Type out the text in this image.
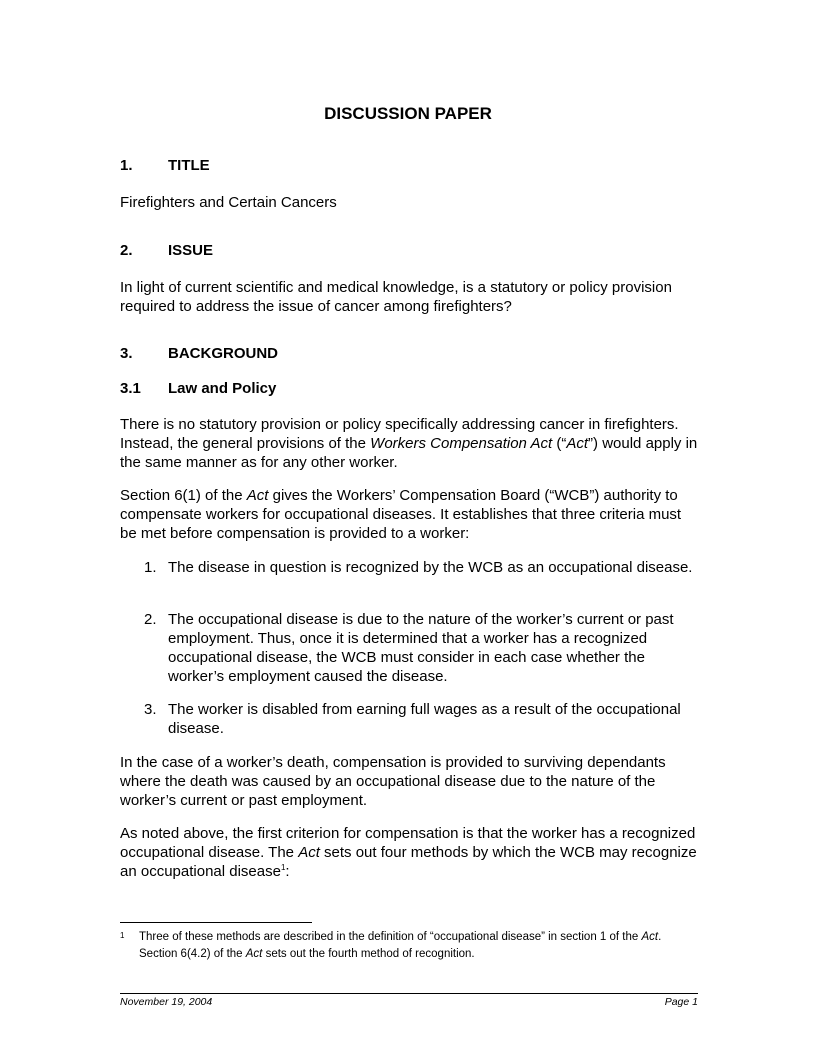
DISCUSSION PAPER
1. TITLE

Firefighters and Certain Cancers

2. ISSUE

In light of current scientific and medical knowledge, is a statutory or policy provision required to address the issue of cancer among firefighters?

3. BACKGROUND
3.1 Law and Policy

There is no statutory provision or policy specifically addressing cancer in firefighters. Instead, the general provisions of the Workers Compensation Act (“Act”) would apply in the same manner as for any other worker.

Section 6(1) of the Act gives the Workers’ Compensation Board (“WCB”) authority to compensate workers for occupational diseases. It establishes that three criteria must be met before compensation is provided to a worker:

1. The disease in question is recognized by the WCB as an occupational disease.
2. The occupational disease is due to the nature of the worker’s current or past employment. Thus, once it is determined that a worker has a recognized occupational disease, the WCB must consider in each case whether the worker’s employment caused the disease.
3. The worker is disabled from earning full wages as a result of the occupational disease.

In the case of a worker’s death, compensation is provided to surviving dependants where the death was caused by an occupational disease due to the nature of the worker’s current or past employment.

As noted above, the first criterion for compensation is that the worker has a recognized occupational disease. The Act sets out four methods by which the WCB may recognize an occupational disease$^1$:

1 Three of these methods are described in the definition of “occupational disease” in section 1 of the Act. Section 6(4.2) of the Act sets out the fourth method of recognition.
November 19, 2004	Page 1
